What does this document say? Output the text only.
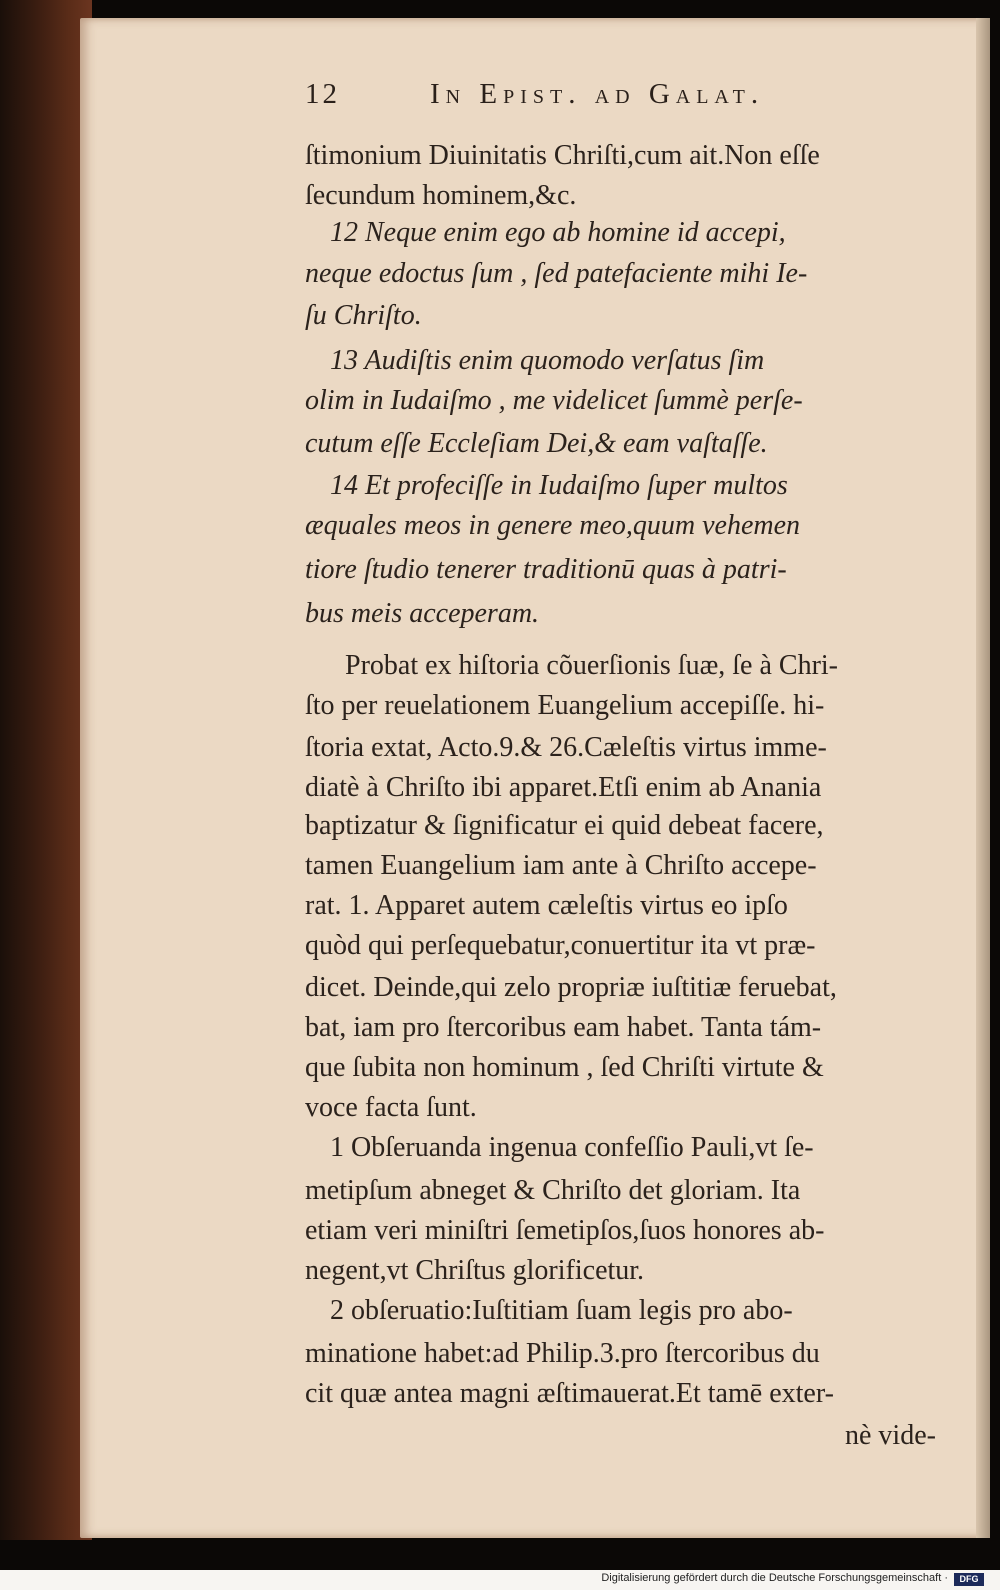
12	In Epist. ad Galat.
ſtimonium Diuinitatis Chriſti,cum ait.Non eſſe
ſecundum hominem,&c.
12 Neque enim ego ab homine id accepi,
neque edoctus ſum , ſed patefaciente mihi Ie-
ſu Chriſto.
13 Audiſtis enim quomodo verſatus ſim
olim in Iudaiſmo , me videlicet ſummè perſe-
cutum eſſe Eccleſiam Dei,& eam vaſtaſſe.
14 Et profeciſſe in Iudaiſmo ſuper multos
æquales meos in genere meo,quum vehemen
tiore ſtudio tenerer traditionū quas à patri-
bus meis acceperam.
Probat ex hiſtoria cõuerſionis ſuæ, ſe à Chri-
ſto per reuelationem Euangelium accepiſſe. hi-
ſtoria extat, Acto.9.& 26.Cæleſtis virtus imme-
diatè à Chriſto ibi apparet.Etſi enim ab Anania
baptizatur & ſignificatur ei quid debeat facere,
tamen Euangelium iam ante à Chriſto accepe-
rat. 1. Apparet autem cæleſtis virtus eo ipſo
quòd qui perſequebatur,conuertitur ita vt præ-
dicet. Deinde,qui zelo propriæ iuſtitiæ feruebat,
bat, iam pro ſtercoribus eam habet. Tanta tám-
que ſubita non hominum , ſed Chriſti virtute &
voce facta ſunt.
1 Obſeruanda ingenua confeſſio Pauli,vt ſe-
metipſum abneget & Chriſto det gloriam. Ita
etiam veri miniſtri ſemetipſos,ſuos honores ab-
negent,vt Chriſtus glorificetur.
2 obſeruatio:Iuſtitiam ſuam legis pro abo-
minatione habet:ad Philip.3.pro ſtercoribus du
cit quæ antea magni æſtimauerat.Et tamē exter-
nè vide-
Digitalisierung gefördert durch die Deutsche Forschungsgemeinschaft ·	DFG
